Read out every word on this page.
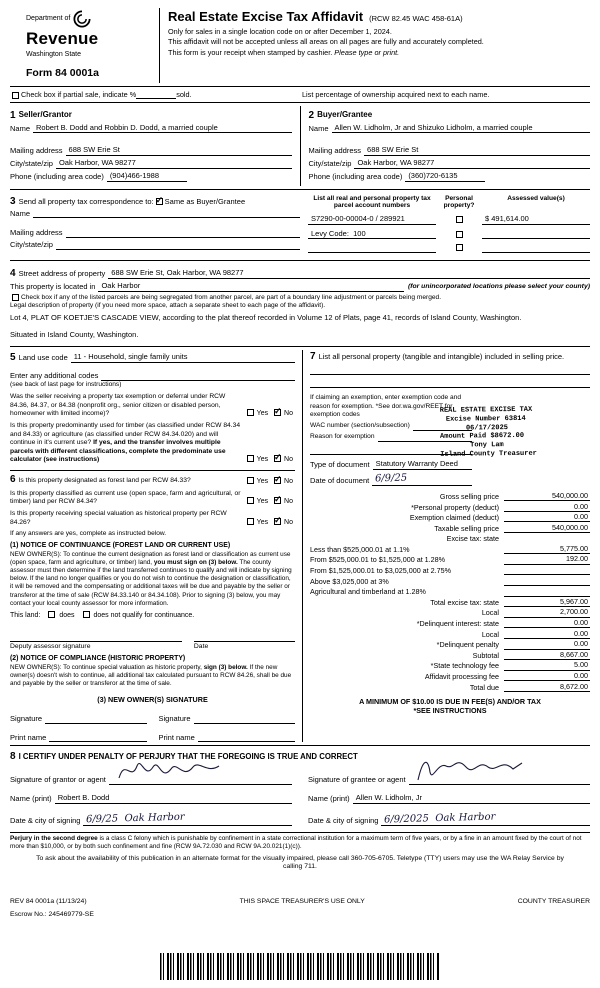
Department of
Revenue
Washington State
Form 84 0001a
Real Estate Excise Tax Affidavit (RCW 82.45 WAC 458-61A)
Only for sales in a single location code on or after December 1, 2024.
This affidavit will not be accepted unless all areas on all pages are fully and accurately completed.
This form is your receipt when stamped by cashier. Please type or print.
Check box if partial sale, indicate %	sold.	List percentage of ownership acquired next to each name.
1 Seller/Grantor
Name Robert B. Dodd and Robbin D. Dodd, a married couple
Mailing address 688 SW Erie St
City/state/zip Oak Harbor, WA 98277
Phone (including area code) (904)466-1988
2 Buyer/Grantee
Name Allen W. Lidholm, Jr and Shizuko Lidholm, a married couple
Mailing address 688 SW Erie St
City/state/zip Oak Harbor, WA 98277
Phone (including area code) (360)720-6135
3 Send all property tax correspondence to: ✓ Same as Buyer/Grantee
Name
Mailing address
City/state/zip
List all real and personal property tax parcel account numbers
Personal property?
Assessed value(s)
S7290-00-00004-0 / 289921	$ 491,614.00
Levy Code:  100
4 Street address of property 688 SW Erie St, Oak Harbor, WA 98277
This property is located in Oak Harbor	(for unincorporated locations please select your county)
Check box if any of the listed parcels are being segregated from another parcel, are part of a boundary line adjustment or parcels being merged.
Legal description of property (if you need more space, attach a separate sheet to each page of the affidavit).
Lot 4, PLAT OF KOETJE'S CASCADE VIEW, according to the plat thereof recorded in Volume 12 of Plats, page 41, records of Island County, Washington.
Situated in Island County, Washington.
5 Land use code 11 - Household, single family units
Enter any additional codes
(see back of last page for instructions)
Was the seller receiving a property tax exemption or deferral under RCW 84.36, 84.37, or 84.38 (nonprofit org., senior citizen or disabled person, homeowner with limited income)?	Yes ✓ No
Is this property predominantly used for timber (as classified under RCW 84.34 and 84.33) or agriculture (as classified under RCW 84.34.020) and will continue in it's current use? If yes, and the transfer involves multiple parcels with different classifications, complete the predominate use calculator (see instructions)	Yes ✓ No
6 Is this property designated as forest land per RCW 84.33?	Yes ✓ No
Is this property classified as current use (open space, farm and agricultural, or timber) land per RCW 84.34?	Yes ✓ No
Is this property receiving special valuation as historical property per RCW 84.26?	Yes ✓ No
If any answers are yes, complete as instructed below.
(1) NOTICE OF CONTINUANCE (FOREST LAND OR CURRENT USE)
NEW OWNER(S): To continue the current designation as forest land or classification as current use (open space, farm and agriculture, or timber) land, you must sign on (3) below. The county assessor must then determine if the land transferred continues to qualify and will indicate by signing below. If the land no longer qualifies or you do not wish to continue the designation or classification, it will be removed and the compensating or additional taxes will be due and payable by the seller or transferor at the time of sale (RCW 84.33.140 or 84.34.108). Prior to signing (3) below, you may contact your local county assessor for more information.
This land:	does	does not qualify for continuance.
Deputy assessor signature	Date
(2) NOTICE OF COMPLIANCE (HISTORIC PROPERTY)
NEW OWNER(S): To continue special valuation as historic property, sign (3) below. If the new owner(s) doesn't wish to continue, all additional tax calculated pursuant to RCW 84.26, shall be due and payable by the seller or transferor at the time of sale.
(3) NEW OWNER(S) SIGNATURE
Signature	Signature
Print name	Print name
7 List all personal property (tangible and intangible) included in selling price.
If claiming an exemption, enter exemption code and reason for exemption. *See dor.wa.gov/REET for exemption codes
WAC number (section/subsection)
Reason for exemption
Type of document Statutory Warranty Deed
Date of document 6/9/25
REAL ESTATE EXCISE TAX
Excise Number 63814
06/17/2025
Amount Paid $8672.00
Tony Lam
Island County Treasurer
Gross selling price	540,000.00
*Personal property (deduct)	0.00
Exemption claimed (deduct)	0.00
Taxable selling price	540,000.00
Excise tax: state
Less than $525,000.01 at 1.1%	5,775.00
From $525,000.01 to $1,525,000 at 1.28%	192.00
From $1,525,000.01 to $3,025,000 at 2.75%
Above $3,025,000 at 3%
Agricultural and timberland at 1.28%
Total excise tax: state	5,967.00
Local	2,700.00
*Delinquent interest: state	0.00
Local	0.00
*Delinquent penalty	0.00
Subtotal	8,667.00
*State technology fee	5.00
Affidavit processing fee	0.00
Total due	8,672.00
A MINIMUM OF $10.00 IS DUE IN FEE(S) AND/OR TAX
*SEE INSTRUCTIONS
8 I CERTIFY UNDER PENALTY OF PERJURY THAT THE FOREGOING IS TRUE AND CORRECT
Signature of grantor or agent
Name (print) Robert B. Dodd
Date & city of signing 6/9/25  Oak Harbor
Signature of grantee or agent
Name (print) Allen W. Lidholm, Jr
Date & city of signing 6/9/2025  Oak Harbor
Perjury in the second degree is a class C felony which is punishable by confinement in a state correctional institution for a maximum term of five years, or by a fine in an amount fixed by the court of not more than $10,000, or by both such confinement and fine (RCW 9A.72.030 and RCW 9A.20.021(1)(c)).
To ask about the availability of this publication in an alternate format for the visually impaired, please call 360-705-6705. Teletype (TTY) users may use the WA Relay Service by calling 711.
REV 84 0001a (11/13/24)	THIS SPACE TREASURER'S USE ONLY	COUNTY TREASURER
Escrow No.: 245469779-SE
